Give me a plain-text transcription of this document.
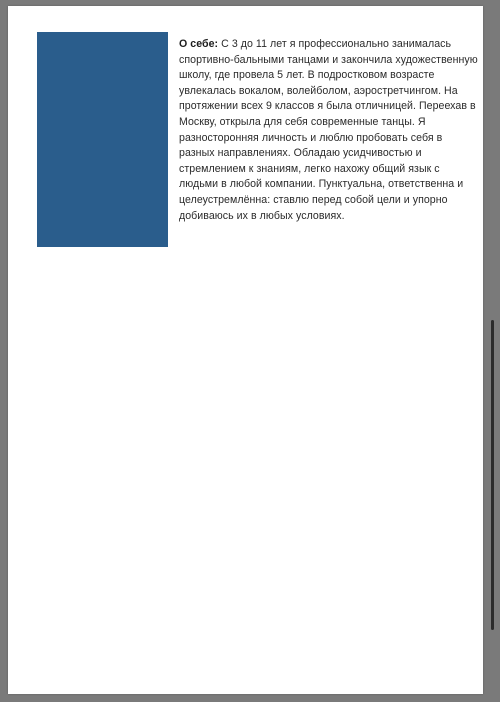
О себе: С 3 до 11 лет я профессионально занималась спортивно-бальными танцами и закончила художественную школу, где провела 5 лет. В подростковом возрасте увлекалась вокалом, волейболом, аэростретчингом. На протяжении всех 9 классов я была отличницей. Переехав в Москву, открыла для себя современные танцы. Я разносторонняя личность и люблю пробовать себя в разных направлениях. Обладаю усидчивостью и стремлением к знаниям, легко нахожу общий язык с людьми в любой компании. Пунктуальна, ответственна и целеустремлённа: ставлю перед собой цели и упорно добиваюсь их в любых условиях.
